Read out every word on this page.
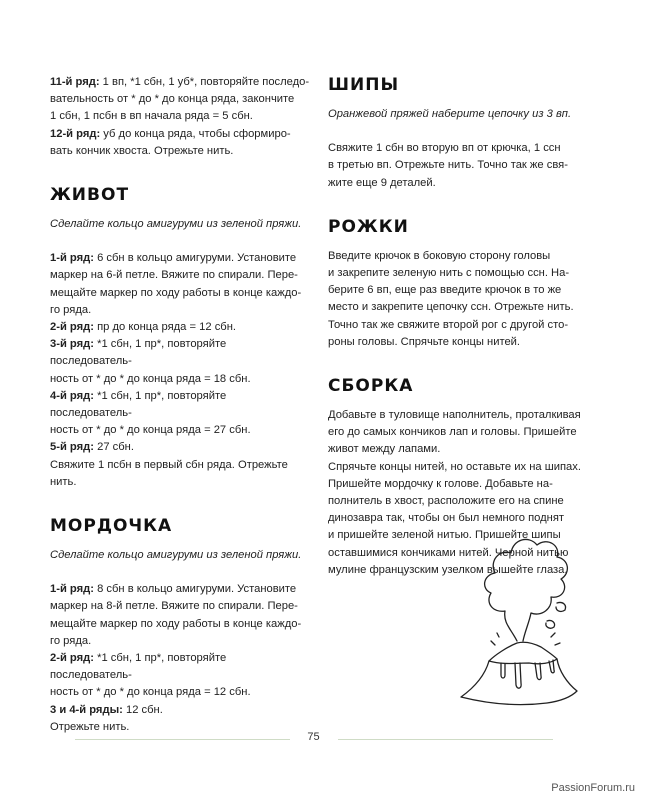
11-й ряд: 1 вп, *1 сбн, 1 уб*, повторяйте последо-

вательность от * до * до конца ряда, закончите

1 сбн, 1 псбн в вп начала ряда = 5 сбн.

12-й ряд: уб до конца ряда, чтобы сформиро-

вать кончик хвоста. Отрежьте нить.

ЖИВОТ

Сделайте кольцо амигуруми из зеленой пряжи.

1-й ряд: 6 сбн в кольцо амигуруми. Установите

маркер на 6-й петле. Вяжите по спирали. Пере-

мещайте маркер по ходу работы в конце каждо-

го ряда.

2-й ряд: пр до конца ряда = 12 сбн.

3-й ряд: *1 сбн, 1 пр*, повторяйте последователь-

ность от * до * до конца ряда = 18 сбн.

4-й ряд: *1 сбн, 1 пр*, повторяйте последователь-

ность от * до * до конца ряда = 27 сбн.

5-й ряд: 27 сбн.

Свяжите 1 псбн в первый сбн ряда. Отрежьте

нить.

МОРДОЧКА

Сделайте кольцо амигуруми из зеленой пряжи.

1-й ряд: 8 сбн в кольцо амигуруми. Установите

маркер на 8-й петле. Вяжите по спирали. Пере-

мещайте маркер по ходу работы в конце каждо-

го ряда.

2-й ряд: *1 сбн, 1 пр*, повторяйте последователь-

ность от * до * до конца ряда = 12 сбн.

3 и 4-й ряды: 12 сбн.

Отрежьте нить.

ШИПЫ

Оранжевой пряжей наберите цепочку из 3 вп.

Свяжите 1 сбн во вторую вп от крючка, 1 ссн

в третью вп. Отрежьте нить. Точно так же свя-

жите еще 9 деталей.

РОЖКИ

Введите крючок в боковую сторону головы

и закрепите зеленую нить с помощью ссн. На-

берите 6 вп, еще раз введите крючок в то же

место и закрепите цепочку ссн. Отрежьте нить.

Точно так же свяжите второй рог с другой сто-

роны головы. Спрячьте концы нитей.

СБОРКА

Добавьте в туловище наполнитель, проталкивая

его до самых кончиков лап и головы. Пришейте

живот между лапами.

Спрячьте концы нитей, но оставьте их на шипах.

Пришейте мордочку к голове. Добавьте на-

полнитель в хвост, расположите его на спине

динозавра так, чтобы он был немного поднят

и пришейте зеленой нитью. Пришейте шипы

оставшимися кончиками нитей. Черной нитью

мулине французским узелком вышейте глаза.

75
PassionForum.ru
